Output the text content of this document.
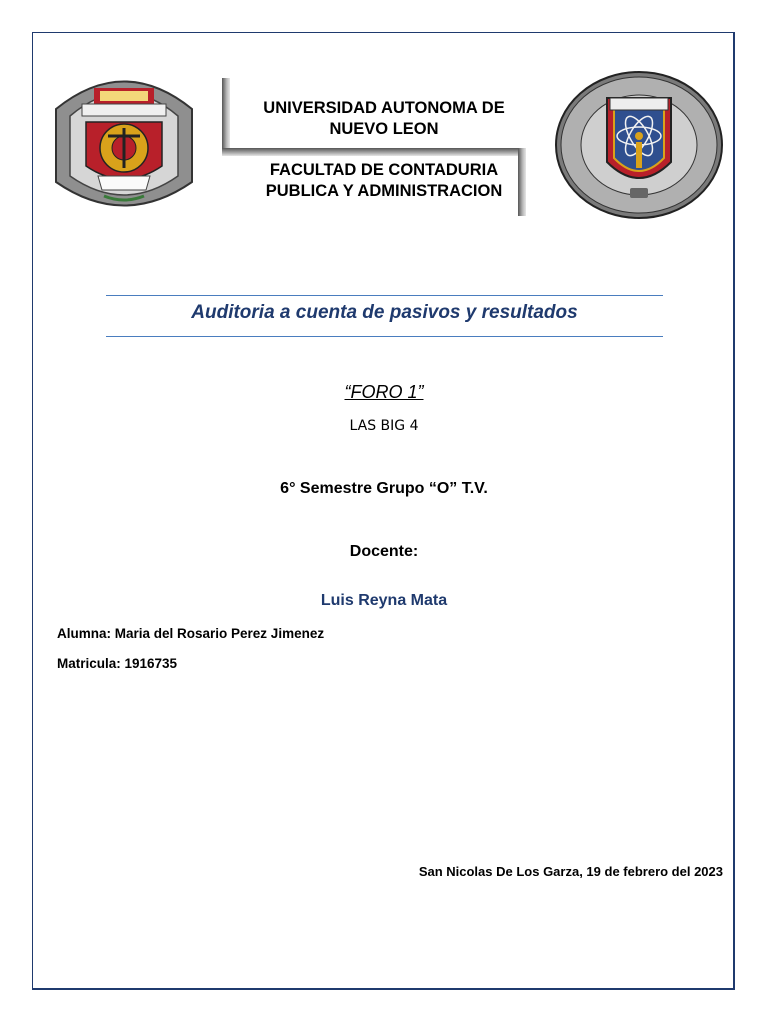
UNIVERSIDAD AUTONOMA DE
NUEVO LEON
FACULTAD DE CONTADURIA
PUBLICA Y ADMINISTRACION
Auditoria a cuenta de pasivos y resultados
“FORO 1”
LAS BIG 4
6° Semestre Grupo “O” T.V.
Docente:
Luis Reyna Mata
Alumna: Maria del Rosario Perez Jimenez
Matricula: 1916735
San Nicolas De Los Garza, 19 de febrero del 2023
